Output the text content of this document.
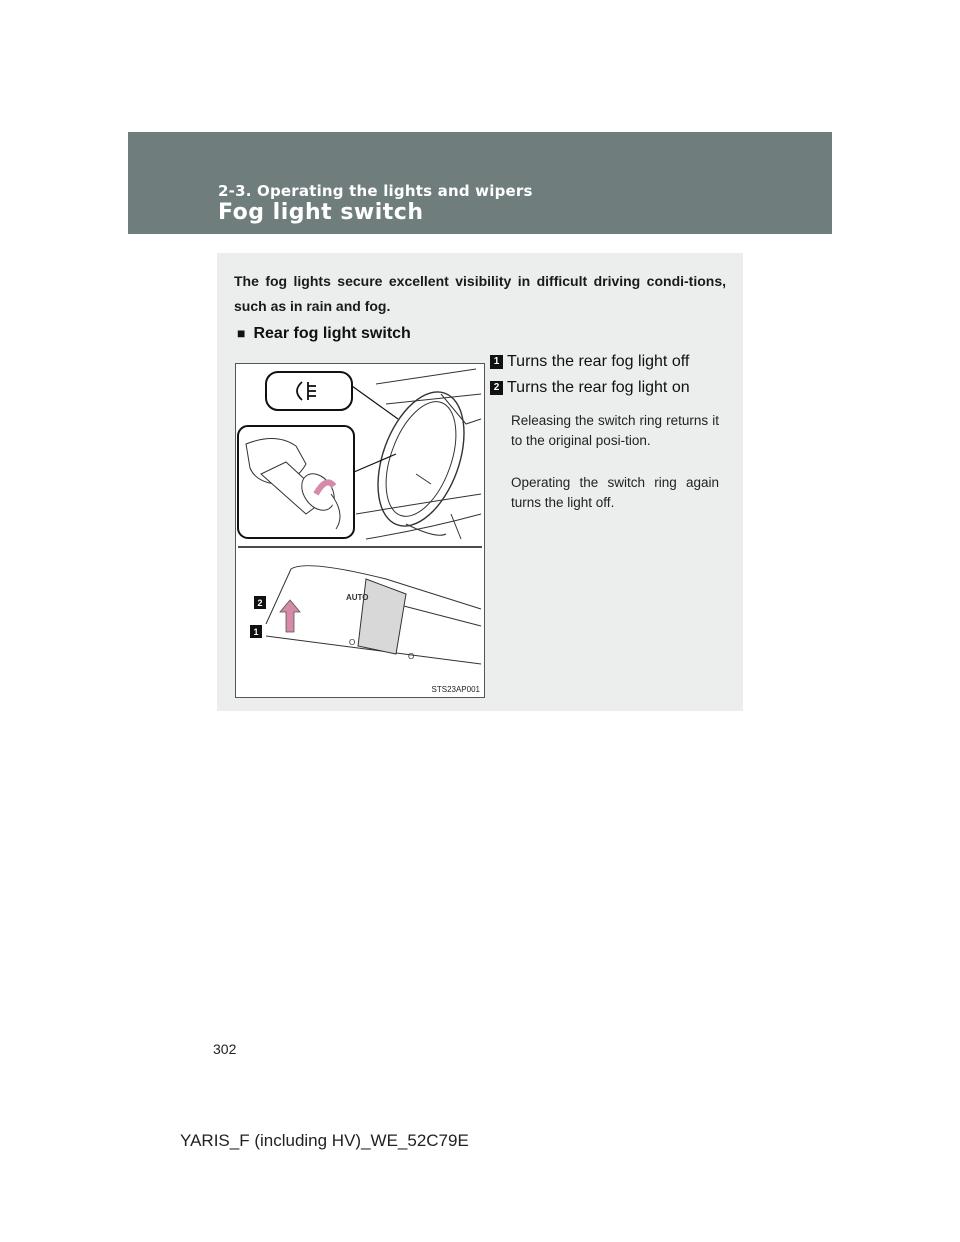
2-3. Operating the lights and wipers
Fog light switch
The fog lights secure excellent visibility in difficult driving condi-tions, such as in rain and fog.
■ Rear fog light switch
AUTO
O
O
2
1
STS23AP001
1 Turns the rear fog light off
2 Turns the rear fog light on
Releasing the switch ring returns it to the original posi-tion.
Operating the switch ring again turns the light off.
302
YARIS_F (including HV)_WE_52C79E
